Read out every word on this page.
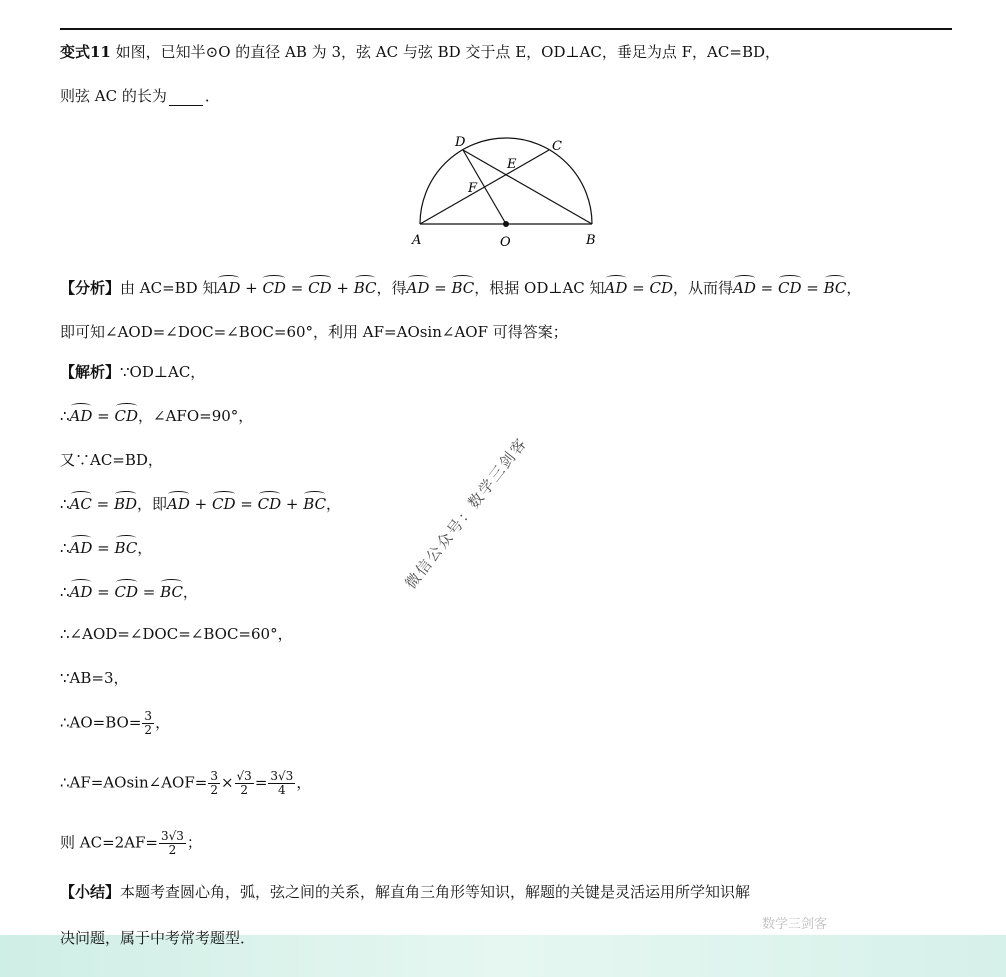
变式11 如图，已知半⊙O 的直径 AB 为 3，弦 AC 与弦 BD 交于点 E，OD⊥AC，垂足为点 F，AC=BD，
则弦 AC 的长为	．
D	C
E
F
A	O	B
【分析】由 AC=BD 知AD + CD = CD + BC，得AD = BC，根据 OD⊥AC 知AD = CD，从而得AD = CD = BC，
即可知∠AOD=∠DOC=∠BOC=60°，利用 AF=AOsin∠AOF 可得答案；
【解析】∵OD⊥AC，
∴AD = CD，∠AFO=90°，
又∵AC=BD，
∴AC = BD，即AD + CD = CD + BC，
∴AD = BC，
∴AD = CD = BC，
∴∠AOD=∠DOC=∠BOC=60°，
∵AB=3，
∴AO=BO= $\frac{3}{2}$ ，
∴AF=AOsin∠AOF= $\frac{3}{2} \times \frac{√3}{2} = \frac{3√3}{4}$ ，
则 $AC=2AF= \frac{3√3}{2}$ ；
【小结】本题考查圆心角，弧，弦之间的关系，解直角三角形等知识，解题的关键是灵活运用所学知识解
决问题，属于中考常考题型．
微信公众号：数学三剑客
数学三剑客
